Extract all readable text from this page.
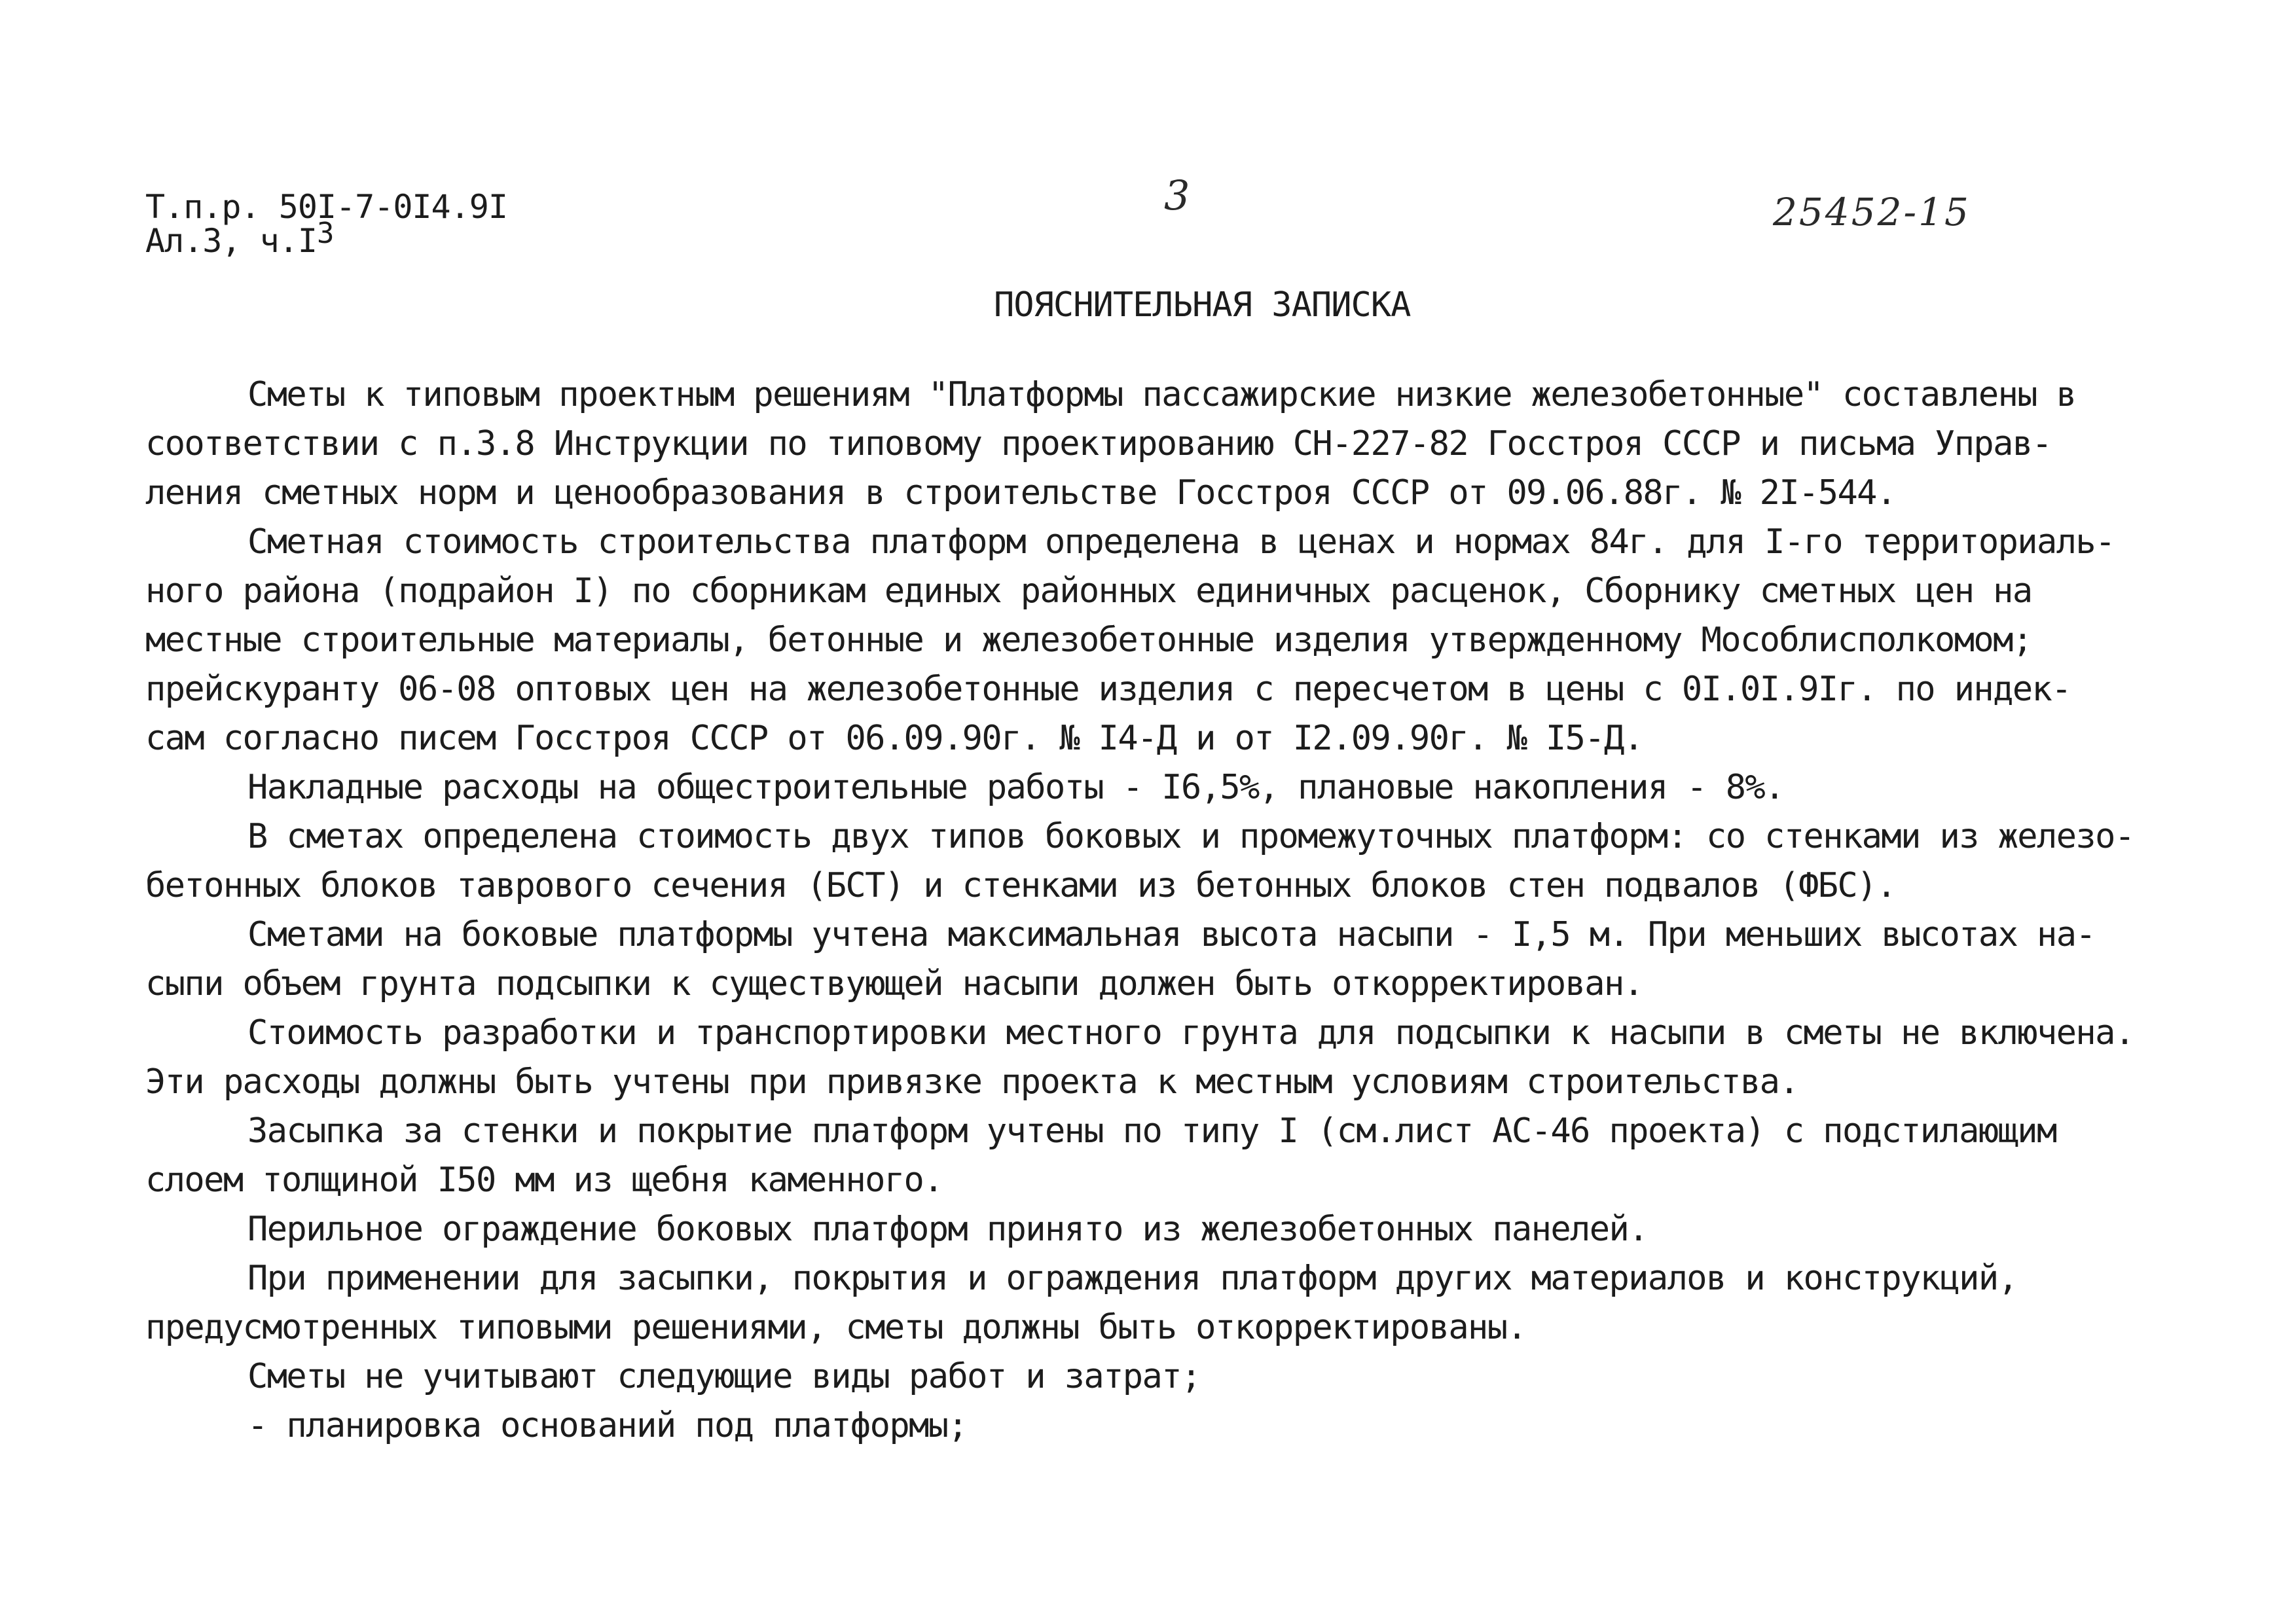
Т.п.р. 50I-7-0I4.9I
Ал.3, ч.I3
3	25452-15
ПОЯСНИТЕЛЬНАЯ ЗАПИСКА
Сметы к типовым проектным решениям "Платформы пассажирские низкие железобетонные" составлены в
соответствии с п.3.8 Инструкции по типовому проектированию СН-227-82 Госстроя СССР и письма Управ-
ления сметных норм и ценообразования в строительстве Госстроя СССР от 09.06.88г. № 2I-544.
Сметная стоимость строительства платформ определена в ценах и нормах 84г. для I-го территориаль-
ного района (подрайон I) по сборникам единых районных единичных расценок, Сборнику сметных цен на
местные строительные материалы, бетонные и железобетонные изделия утвержденному Мособлисполкомом;
прейскуранту 06-08 оптовых цен на железобетонные изделия с пересчетом в цены с 0I.0I.9Iг. по индек-
сам согласно писем Госстроя СССР от 06.09.90г. № I4-Д и от I2.09.90г. № I5-Д.
Накладные расходы на общестроительные работы - I6,5%, плановые накопления - 8%.
В сметах определена стоимость двух типов боковых и промежуточных платформ: со стенками из железо-
бетонных блоков таврового сечения (БСТ) и стенками из бетонных блоков стен подвалов (ФБС).
Сметами на боковые платформы учтена максимальная высота насыпи - I,5 м. При меньших высотах на-
сыпи объем грунта подсыпки к существующей насыпи должен быть откорректирован.
Стоимость разработки и транспортировки местного грунта для подсыпки к насыпи в сметы не включена.
Эти расходы должны быть учтены при привязке проекта к местным условиям строительства.
Засыпка за стенки и покрытие платформ учтены по типу I (см.лист АС-46 проекта) с подстилающим
слоем толщиной I50 мм из щебня каменного.
Перильное ограждение боковых платформ принято из железобетонных панелей.
При применении для засыпки, покрытия и ограждения платформ других материалов и конструкций,
предусмотренных типовыми решениями, сметы должны быть откорректированы.
Сметы не учитывают следующие виды работ и затрат;
- планировка оснований под платформы;
